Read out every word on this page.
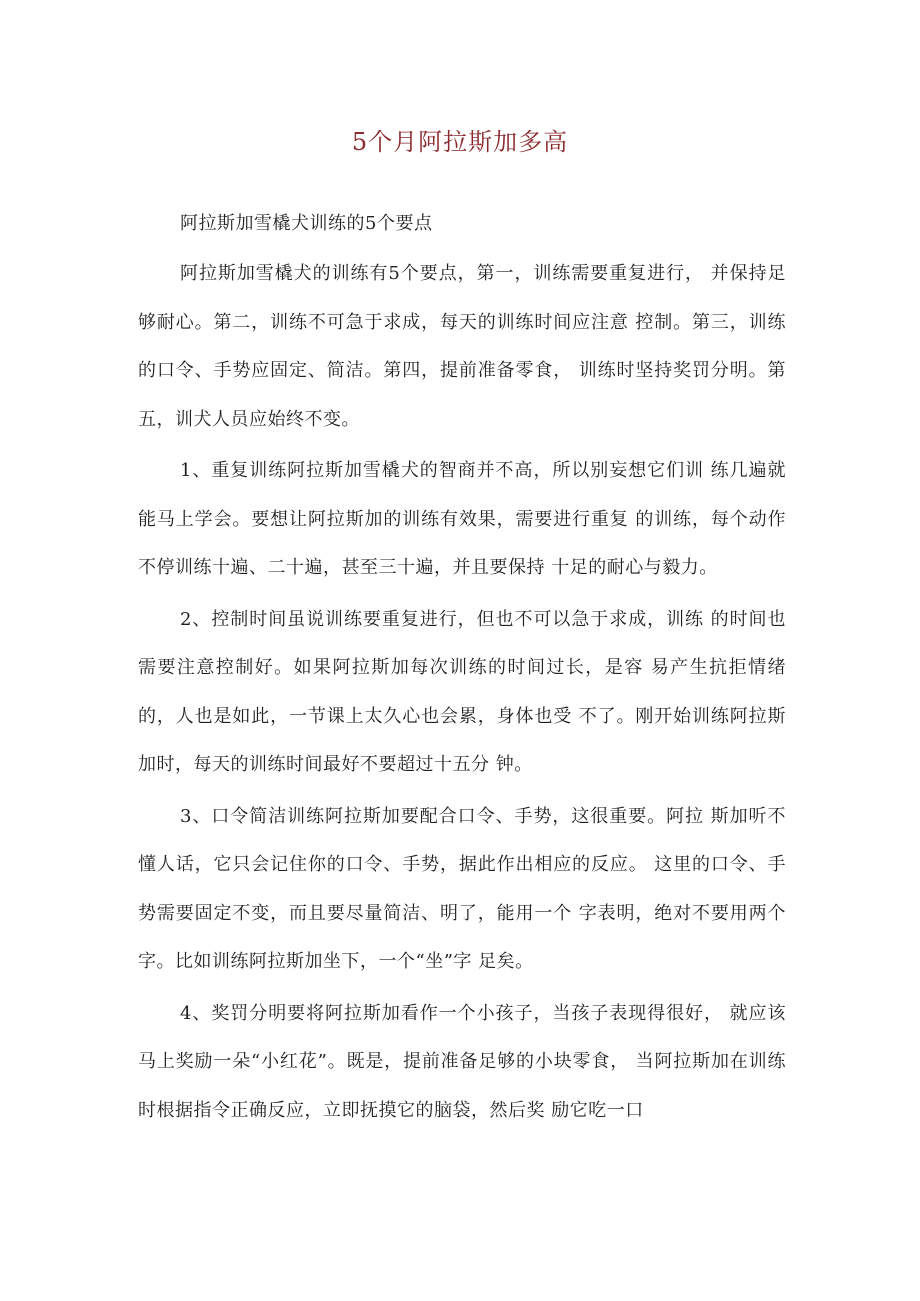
5个月阿拉斯加多高
阿拉斯加雪橇犬训练的5个要点

阿拉斯加雪橇犬的训练有5个要点，第一，训练需要重复进行， 并保持足够耐心。第二，训练不可急于求成，每天的训练时间应注意 控制。第三，训练的口令、手势应固定、简洁。第四，提前准备零食， 训练时坚持奖罚分明。第五，训犬人员应始终不变。

1、重复训练阿拉斯加雪橇犬的智商并不高，所以别妄想它们训 练几遍就能马上学会。要想让阿拉斯加的训练有效果，需要进行重复 的训练，每个动作不停训练十遍、二十遍，甚至三十遍，并且要保持 十足的耐心与毅力。

2、控制时间虽说训练要重复进行，但也不可以急于求成，训练 的时间也需要注意控制好。如果阿拉斯加每次训练的时间过长，是容 易产生抗拒情绪的，人也是如此，一节课上太久心也会累，身体也受 不了。刚开始训练阿拉斯加时，每天的训练时间最好不要超过十五分 钟。

3、口令简洁训练阿拉斯加要配合口令、手势，这很重要。阿拉 斯加听不懂人话，它只会记住你的口令、手势，据此作出相应的反应。 这里的口令、手势需要固定不变，而且要尽量简洁、明了，能用一个 字表明，绝对不要用两个字。比如训练阿拉斯加坐下，一个“坐”字 足矣。

4、奖罚分明要将阿拉斯加看作一个小孩子，当孩子表现得很好， 就应该马上奖励一朵“小红花”。既是，提前准备足够的小块零食， 当阿拉斯加在训练时根据指令正确反应，立即抚摸它的脑袋，然后奖 励它吃一口
